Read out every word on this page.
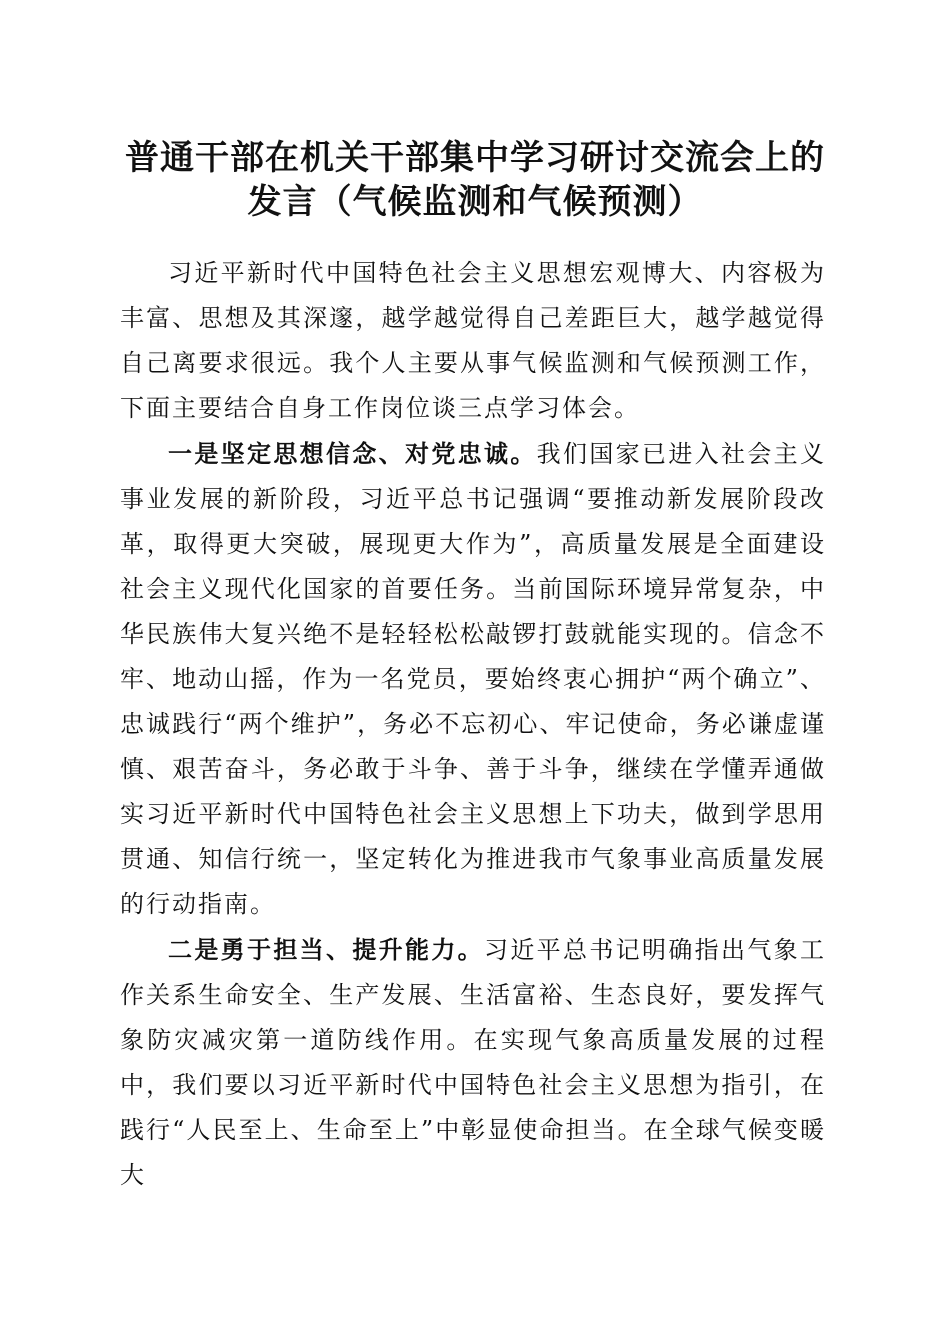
普通干部在机关干部集中学习研讨交流会上的
发言（气候监测和气候预测）

习近平新时代中国特色社会主义思想宏观博大、内容极为丰富、思想及其深邃，越学越觉得自己差距巨大，越学越觉得自己离要求很远。我个人主要从事气候监测和气候预测工作，下面主要结合自身工作岗位谈三点学习体会。

一是坚定思想信念、对党忠诚。我们国家已进入社会主义事业发展的新阶段，习近平总书记强调“要推动新发展阶段改革，取得更大突破，展现更大作为”，高质量发展是全面建设社会主义现代化国家的首要任务。当前国际环境异常复杂，中华民族伟大复兴绝不是轻轻松松敲锣打鼓就能实现的。信念不牢、地动山摇，作为一名党员，要始终衷心拥护“两个确立”、忠诚践行“两个维护”，务必不忘初心、牢记使命，务必谦虚谨慎、艰苦奋斗，务必敢于斗争、善于斗争，继续在学懂弄通做实习近平新时代中国特色社会主义思想上下功夫，做到学思用贯通、知信行统一，坚定转化为推进我市气象事业高质量发展的行动指南。

二是勇于担当、提升能力。习近平总书记明确指出气象工作关系生命安全、生产发展、生活富裕、生态良好，要发挥气象防灾减灾第一道防线作用。在实现气象高质量发展的过程中，我们要以习近平新时代中国特色社会主义思想为指引，在践行“人民至上、生命至上”中彰显使命担当。在全球气候变暖大
